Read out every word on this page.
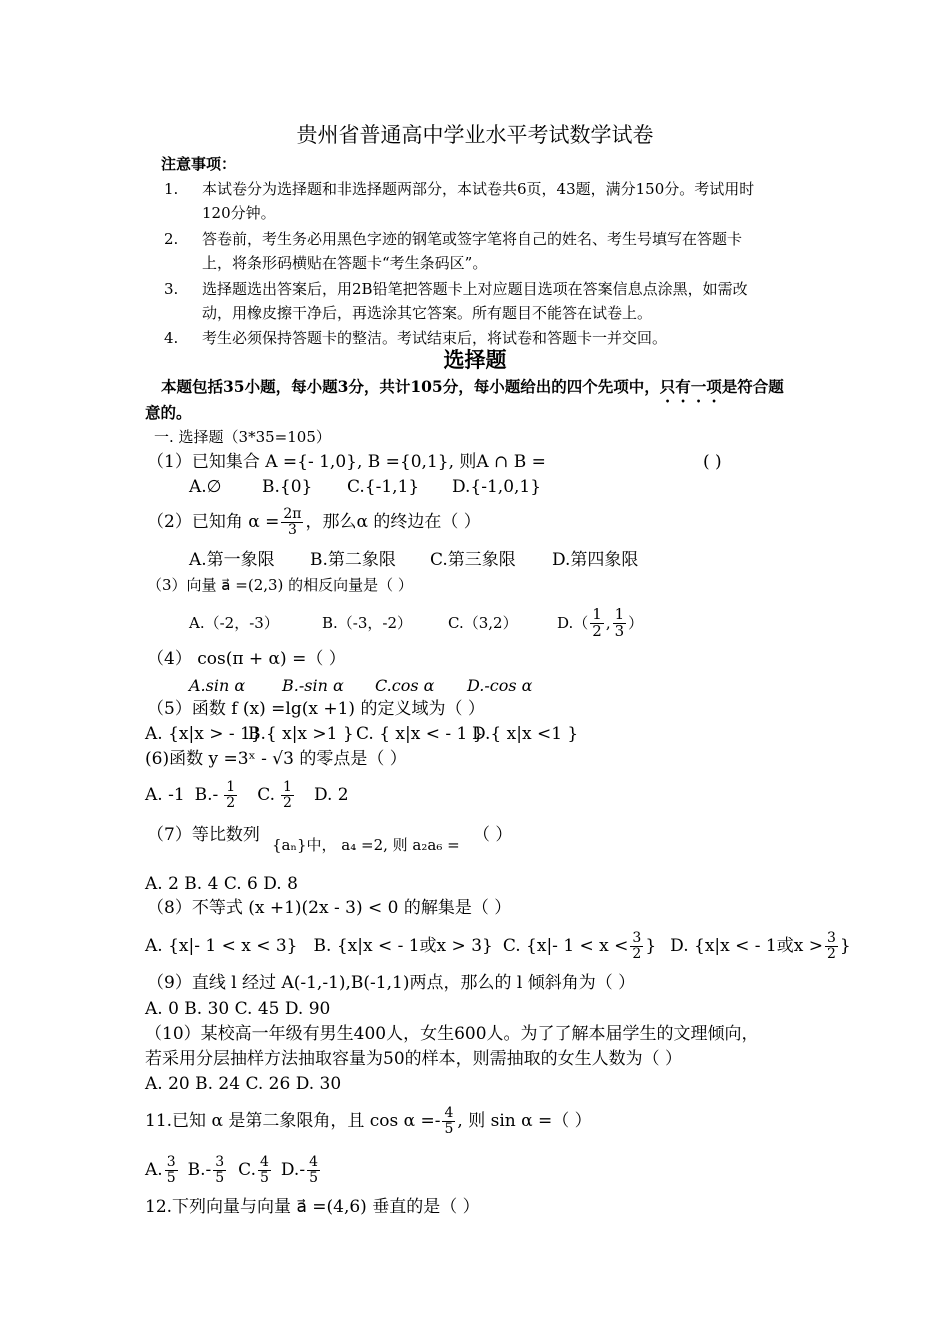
贵州省普通高中学业水平考试数学试卷
注意事项：
1. 本试卷分为选择题和非选择题两部分，本试卷共6页，43题，满分150分。考试用时
120分钟。
2. 答卷前，考生务必用黑色字迹的钢笔或签字笔将自己的姓名、考生号填写在答题卡
上，将条形码横贴在答题卡“考生条码区”。
3. 选择题选出答案后，用2B铅笔把答题卡上对应题目选项在答案信息点涂黑，如需改
动，用橡皮擦干净后，再选涂其它答案。所有题目不能答在试卷上。
4. 考生必须保持答题卡的整洁。考试结束后，将试卷和答题卡一并交回。
选择题
本题包括35小题，每小题3分，共计105分，每小题给出的四个先项中，只有一项是符合题
意的。
一. 选择题（3*35=105）
（1）已知集合 A ={- 1,0}, B ={0,1}, 则A ∩ B =	( )
A.∅ B.{0} C.{-1,1} D.{-1,0,1}
（2）已知角 $\alpha = \frac{2\pi}{3}$ ，那么α 的终边在（ ）
A.第一象限 B.第二象限 C.第三象限 D.第四象限
（3）向量 a⃗ =(2,3) 的相反向量是（ ）
A.（-2，-3）	B.（-3，-2） C.（3,2）	$D.( \frac{1}{2}$ , $\frac{1}{3}$ ）
（4） cos(π + α) =（ ）
A.sin α B.-sin α C.cos α D.-cos α
（5）函数 f (x) =lg(x +1) 的定义域为（ ）
A. {x|x > - 1}
B.{ x|x >1 } C. { x|x < - 1 }
D.{ x|x <1 }
(6)函数 y =3ˣ - √3 的零点是（ ）
A. -1 $B.- \frac{1}{2} C$. $\frac{1}{2} D$. 2
（7）等比数列 {aₙ}中， a₄ =2, 则 a₂a₆ = （ ）
A. 2 B. 4 C. 6 D. 8
（8）不等式 (x +1)(2x - 3) < 0 的解集是（ ）
A. {x|- 1 < x < 3} B. {x|x < - 1或x > 3} C. {x|- $1 < x < \frac{3}{2}$ } D. {x|x < - 1或$x > \frac{3}{2}$ }
（9）直线 l 经过 A(-1,-1),B(-1,1)两点，那么的 l 倾斜角为（ ）
A. 0 B. 30 C. 45 D. 90
（10）某校高一年级有男生400人，女生600人。为了了解本届学生的文理倾向，
若采用分层抽样方法抽取容量为50的样本，则需抽取的女生人数为（ ）
A. 20 B. 24 C. 26 D. 30
11.已知 α 是第二象限角，且 $\cos \alpha =- \frac{4}{5}$ , 则 sin α =（ ）
A. $\frac{3}{5} B.- \frac{3}{5} C$. $\frac{4}{5} D.- \frac{4}{5}$
12.下列向量与向量 a⃗ =(4,6) 垂直的是（ ）
